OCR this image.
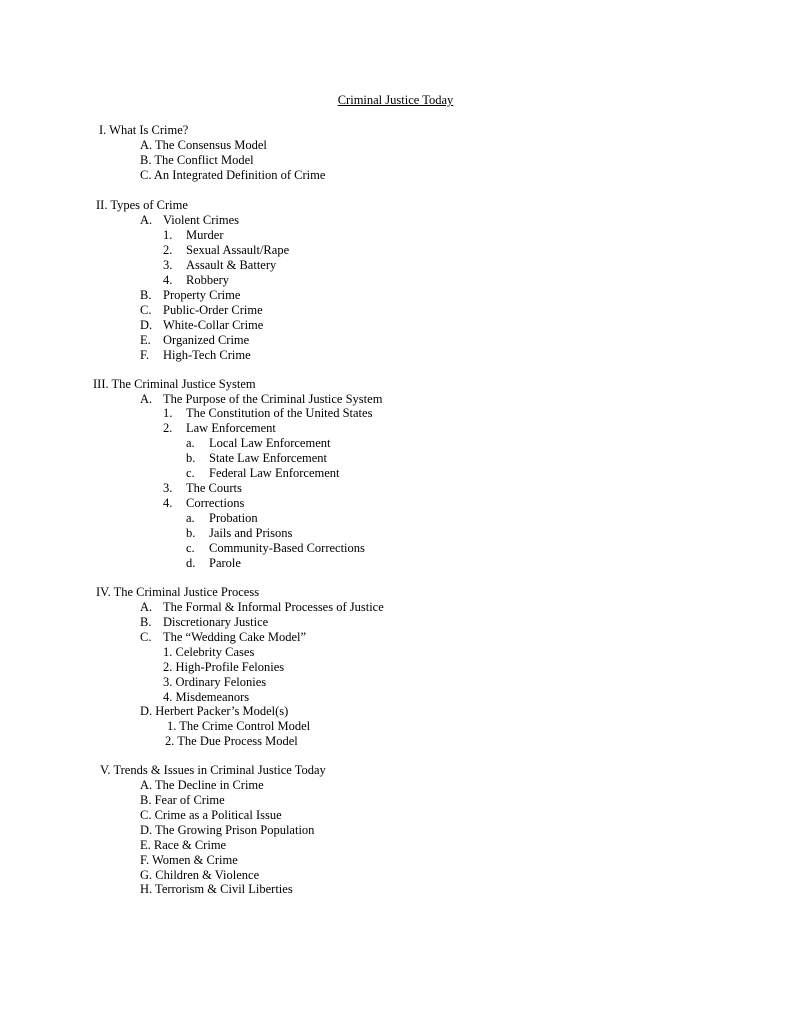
Criminal Justice Today
I. What Is Crime?
A. The Consensus Model
B. The Conflict Model
C. An Integrated Definition of Crime
II. Types of Crime
A. Violent Crimes
1. Murder
2. Sexual Assault/Rape
3. Assault & Battery
4. Robbery
B. Property Crime
C. Public-Order Crime
D. White-Collar Crime
E. Organized Crime
F. High-Tech Crime
III. The Criminal Justice System
A. The Purpose of the Criminal Justice System
1. The Constitution of the United States
2. Law Enforcement
a. Local Law Enforcement
b. State Law Enforcement
c. Federal Law Enforcement
3. The Courts
4. Corrections
a. Probation
b. Jails and Prisons
c. Community-Based Corrections
d. Parole
IV. The Criminal Justice Process
A. The Formal & Informal Processes of Justice
B. Discretionary Justice
C. The “Wedding Cake Model”
1. Celebrity Cases
2. High-Profile Felonies
3. Ordinary Felonies
4. Misdemeanors
D. Herbert Packer’s Model(s)
1. The Crime Control Model
2. The Due Process Model
V. Trends & Issues in Criminal Justice Today
A. The Decline in Crime
B. Fear of Crime
C. Crime as a Political Issue
D. The Growing Prison Population
E. Race & Crime
F. Women & Crime
G. Children & Violence
H. Terrorism & Civil Liberties
